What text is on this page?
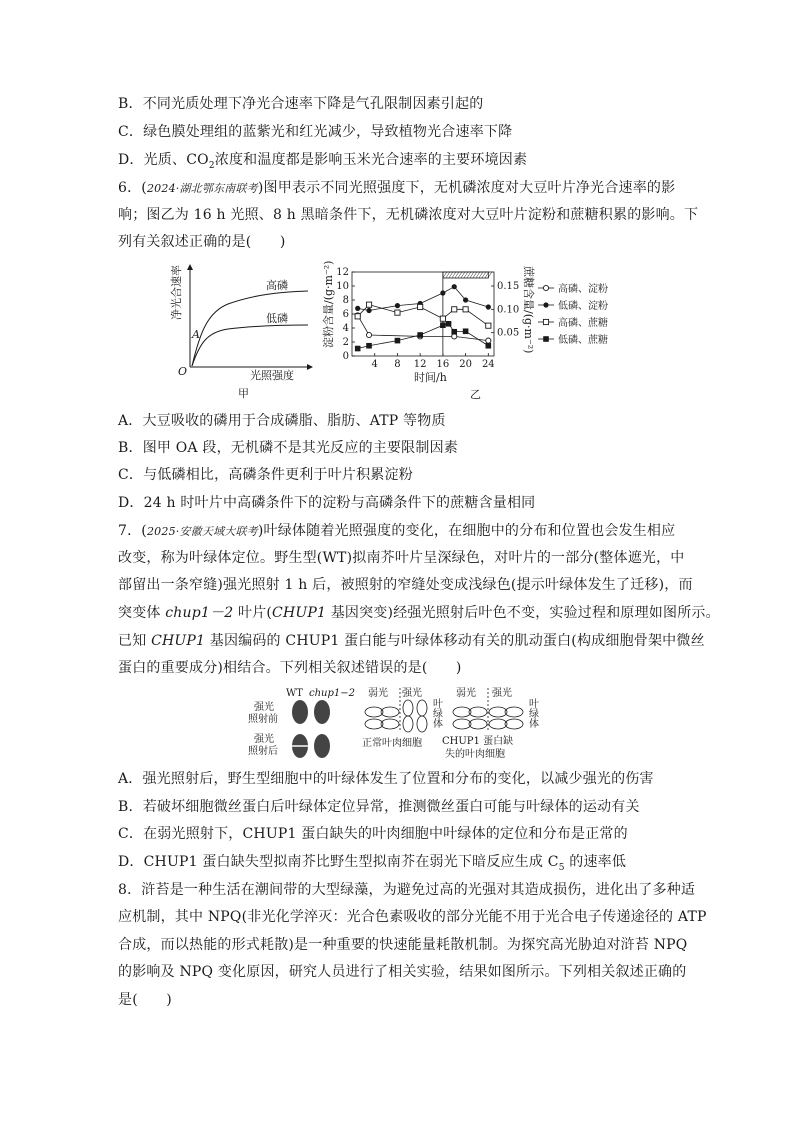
B．不同光质处理下净光合速率下降是气孔限制因素引起的
C．绿色膜处理组的蓝紫光和红光减少，导致植物光合速率下降
D．光质、$CO_2$浓度和温度都是影响玉米光合速率的主要环境因素
6．(2024·湖北鄂东南联考)图甲表示不同光照强度下，无机磷浓度对大豆叶片净光合速率的影
响；图乙为 16 h 光照、8 h 黑暗条件下，无机磷浓度对大豆叶片淀粉和蔗糖积累的影响。下
列有关叙述正确的是(　　)
净光合速率
光照强度
O
A
高磷
低磷
甲
4 8 12 16 20 24
0
2
4
6
8
10
12
0.05
0.10
0.15
淀粉含量/(g·m⁻²)	蔗糖含量/(g·m⁻²)
时间/h
乙
高磷、淀粉
低磷、淀粉
高磷、蔗糖
低磷、蔗糖
A．大豆吸收的磷用于合成磷脂、脂肪、ATP 等物质
B．图甲 OA 段，无机磷不是其光反应的主要限制因素
C．与低磷相比，高磷条件更利于叶片积累淀粉
D．24 h 时叶片中高磷条件下的淀粉与高磷条件下的蔗糖含量相同
7．(2025·安徽天域大联考)叶绿体随着光照强度的变化，在细胞中的分布和位置也会发生相应
改变，称为叶绿体定位。野生型(WT)拟南芥叶片呈深绿色，对叶片的一部分(整体遮光，中
部留出一条窄缝)强光照射 1 h 后，被照射的窄缝处变成浅绿色(提示叶绿体发生了迁移)，而
突变体 chup1－2 叶片(CHUP1 基因突变)经强光照射后叶色不变，实验过程和原理如图所示。
已知 CHUP1 基因编码的 CHUP1 蛋白能与叶绿体移动有关的肌动蛋白(构成细胞骨架中微丝
蛋白的重要成分)相结合。下列相关叙述错误的是(　　)
WT chup1−2
强光
照射前
强光
照射后
弱光 强光
叶绿体
正常叶肉细胞
弱光 强光
叶绿体
CHUP1 蛋白缺
失的叶肉细胞
A．强光照射后，野生型细胞中的叶绿体发生了位置和分布的变化，以减少强光的伤害
B．若破坏细胞微丝蛋白后叶绿体定位异常，推测微丝蛋白可能与叶绿体的运动有关
C．在弱光照射下，CHUP1 蛋白缺失的叶肉细胞中叶绿体的定位和分布是正常的
D．CHUP1 蛋白缺失型拟南芥比野生型拟南芥在弱光下暗反应生成 $C_5$ 的速率低
8．浒苔是一种生活在潮间带的大型绿藻，为避免过高的光强对其造成损伤，进化出了多种适
应机制，其中 NPQ(非光化学淬灭：光合色素吸收的部分光能不用于光合电子传递途径的 ATP
合成，而以热能的形式耗散)是一种重要的快速能量耗散机制。为探究高光胁迫对浒苔 NPQ
的影响及 NPQ 变化原因，研究人员进行了相关实验，结果如图所示。下列相关叙述正确的
是(　　)
